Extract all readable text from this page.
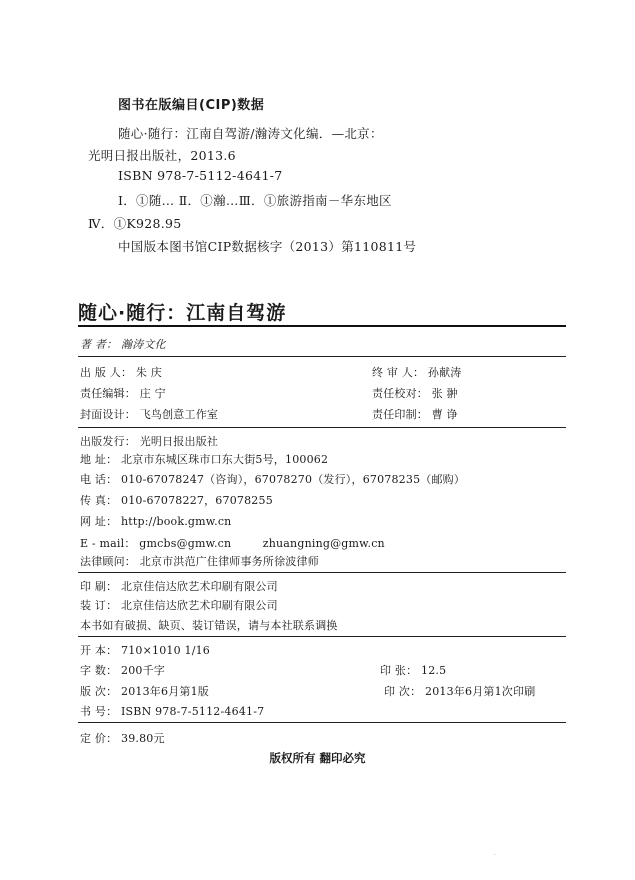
图书在版编目(CIP)数据
随心·随行：江南自驾游/瀚涛文化编．—北京：
光明日报出版社，2013.6
ISBN 978-7-5112-4641-7
Ⅰ．①随… Ⅱ．①瀚…Ⅲ．①旅游指南－华东地区
Ⅳ．①K928.95
中国版本图书馆CIP数据核字（2013）第110811号
随心·随行：江南自驾游
著 者： 瀚涛文化
出 版 人： 朱 庆	终 审 人： 孙献涛
责任编辑： 庄 宁	责任校对： 张 翀
封面设计： 飞鸟创意工作室	责任印制： 曹 诤
出版发行： 光明日报出版社
地 址： 北京市东城区珠市口东大街5号，100062
电 话： 010-67078247（咨询），67078270（发行），67078235（邮购）
传 真： 010-67078227，67078255
网 址： http://book.gmw.cn
E - mail： gmcbs@gmw.cn	zhuangning@gmw.cn
法律顾问： 北京市洪范广住律师事务所徐波律师
印 刷： 北京佳信达欣艺术印刷有限公司
装 订： 北京佳信达欣艺术印刷有限公司
本书如有破损、缺页、装订错误，请与本社联系调换
开 本： 710×1010 1/16
字 数： 200千字	印 张： 12.5
版 次： 2013年6月第1版	印 次： 2013年6月第1次印刷
书 号： ISBN 978-7-5112-4641-7
定 价： 39.80元
版权所有 翻印必究
·
